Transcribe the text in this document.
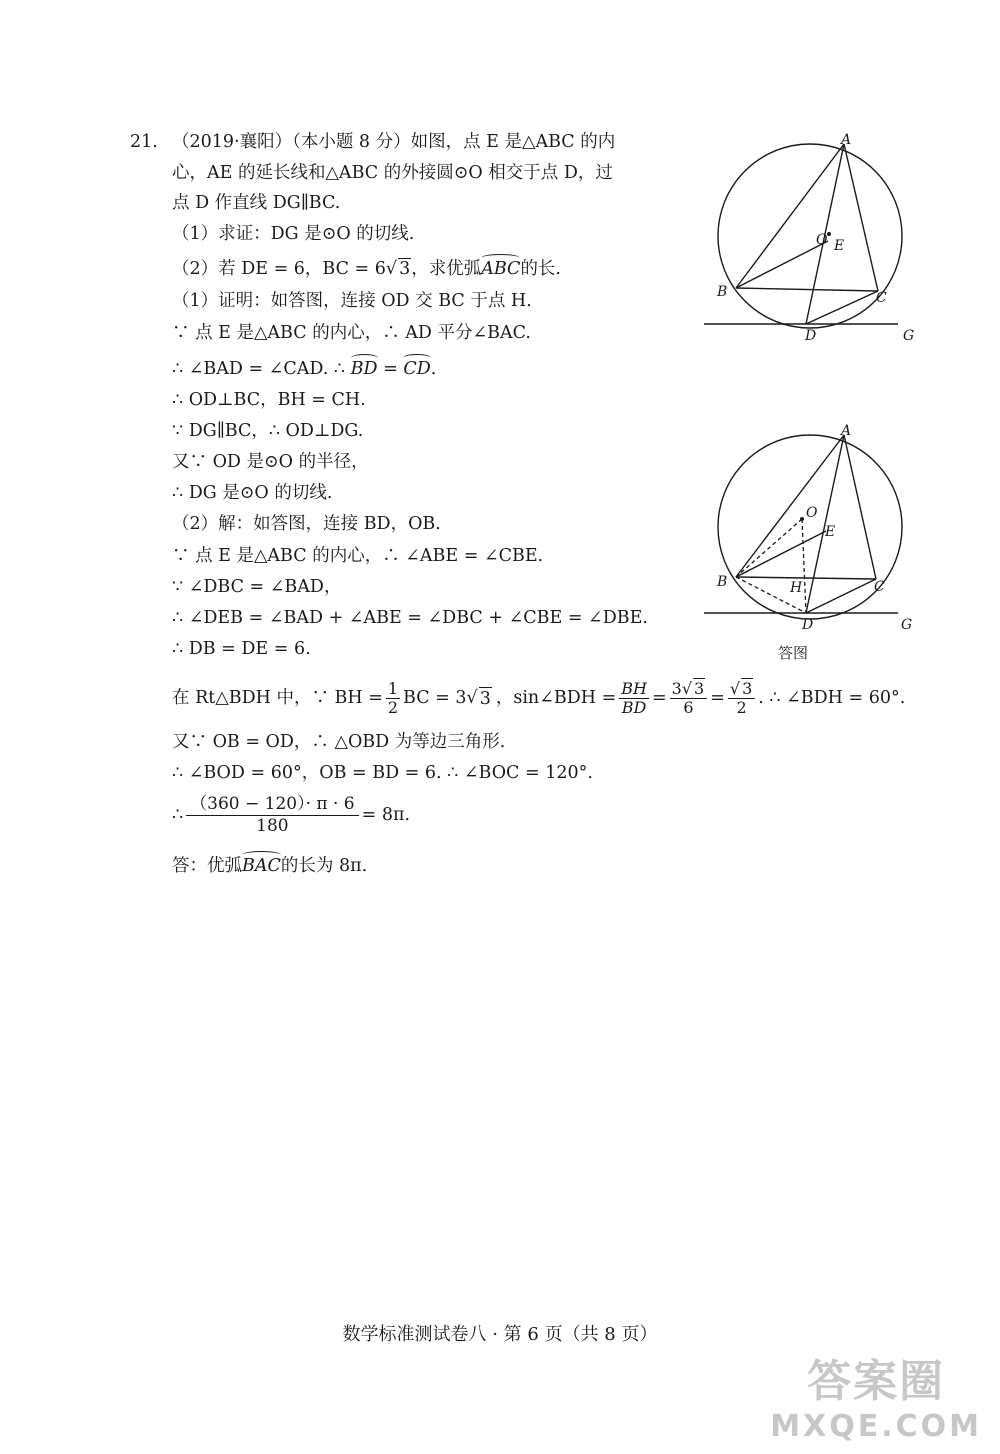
21. （2019·襄阳）（本小题 8 分）如图，点 E 是△ABC 的内
心，AE 的延长线和△ABC 的外接圆⊙O 相交于点 D，过
点 D 作直线 DG∥BC.
（1）求证：DG 是⊙O 的切线.
（2）若 DE = 6，BC = 6√ 3，求优弧ABC的长.
（1）证明：如答图，连接 OD 交 BC 于点 H.
∵ 点 E 是△ABC 的内心，∴ AD 平分∠BAC.
∴ ∠BAD = ∠CAD. ∴ BD = CD.
∴ OD⊥BC，BH = CH.
∵ DG∥BC，∴ OD⊥DG.
又∵ OD 是⊙O 的半径，
∴ DG 是⊙O 的切线.
（2）解：如答图，连接 BD，OB.
∵ 点 E 是△ABC 的内心，∴ ∠ABE = ∠CBE.
∵ ∠DBC = ∠BAD，
∴ ∠DEB = ∠BAD + ∠ABE = ∠DBC + ∠CBE = ∠DBE.
∴ DB = DE = 6.
在 Rt△BDH 中，∵ BH = $\frac{1}{2}$ BC = 3 √ 3 ，sin∠BDH = $\frac{BH}{BD} = \frac{3√ 3}{6} = \frac{√ 3}{2}$ . ∴ ∠BDH = 60°.
又∵ OB = OD，∴ △OBD 为等边三角形.
∴ ∠BOD = 60°，OB = BD = 6. ∴ ∠BOC = 120°.
∴ $\frac{(360 - 120)\cdot \pi \cdot 6}{180} = 8\pi$.
答：优弧BAC的长为 8π.
A
B	C
D
E
O
G
A
B	C
D
E
O
H
G
答图
数学标准测试卷八 · 第 6 页（共 8 页）
答案圈
MXQE.COM
